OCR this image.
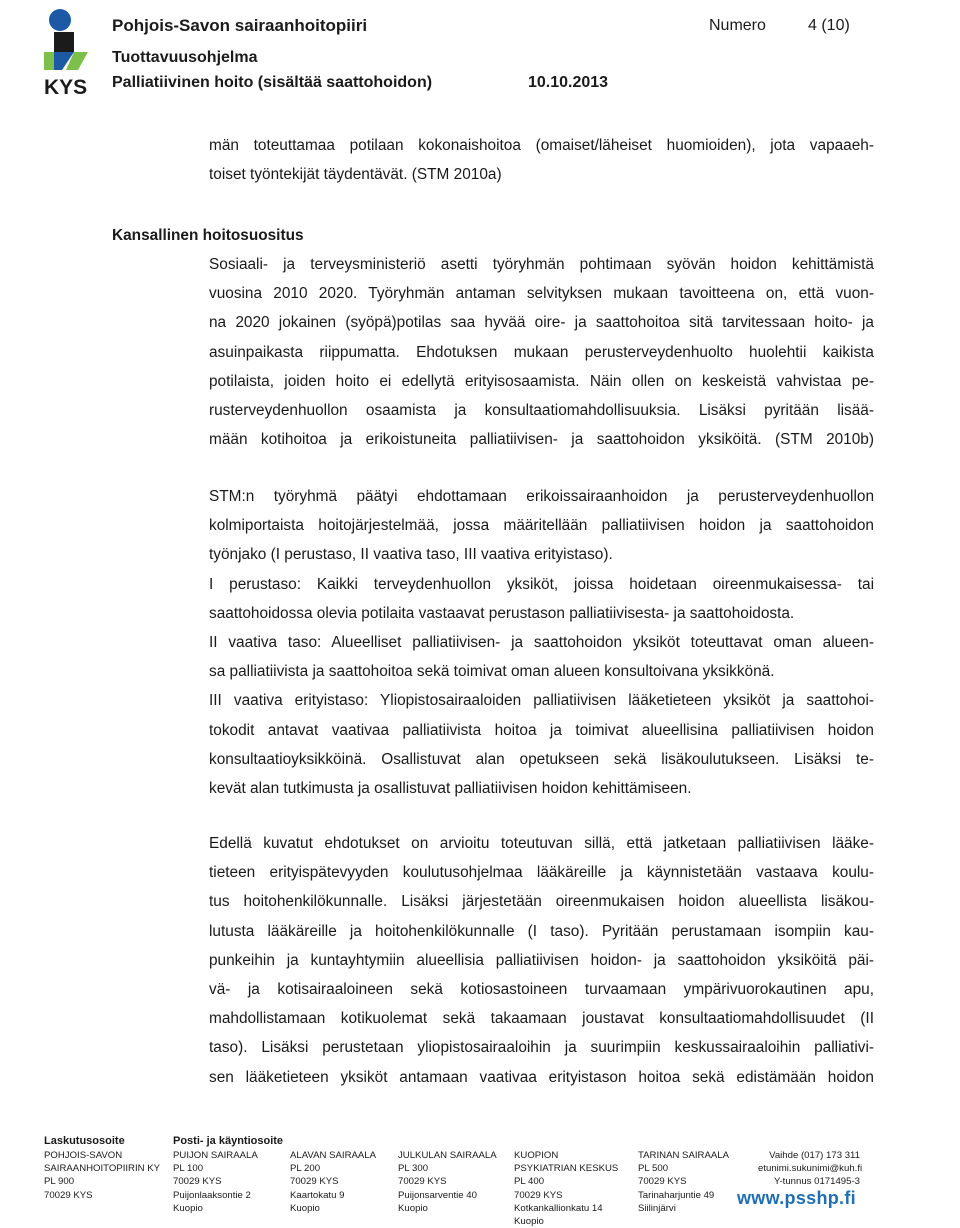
KYS
Pohjois-Savon sairaanhoitopiiri	Numero	4 (10)
Tuottavuusohjelma
Palliatiivinen hoito (sisältää saattohoidon)	10.10.2013

män toteuttamaa potilaan kokonaishoitoa (omaiset/läheiset huomioiden), jota vapaaeh-

toiset työntekijät täydentävät. (STM 2010a)

Kansallinen hoitosuositus

Sosiaali- ja terveysministeriö asetti työryhmän pohtimaan syövän hoidon kehittämistä

vuosina 2010 2020. Työryhmän antaman selvityksen mukaan tavoitteena on, että vuon-

na 2020 jokainen (syöpä)potilas saa hyvää oire- ja saattohoitoa sitä tarvitessaan hoito- ja

asuinpaikasta riippumatta. Ehdotuksen mukaan perusterveydenhuolto huolehtii kaikista

potilaista, joiden hoito ei edellytä erityisosaamista. Näin ollen on keskeistä vahvistaa pe-

rusterveydenhuollon osaamista ja konsultaatiomahdollisuuksia. Lisäksi pyritään lisää-

mään kotihoitoa ja erikoistuneita palliatiivisen- ja saattohoidon yksiköitä. (STM 2010b)

STM:n työryhmä päätyi ehdottamaan erikoissairaanhoidon ja perusterveydenhuollon

kolmiportaista hoitojärjestelmää, jossa määritellään palliatiivisen hoidon ja saattohoidon

työnjako (I perustaso, II vaativa taso, III vaativa erityistaso).

I perustaso: Kaikki terveydenhuollon yksiköt, joissa hoidetaan oireenmukaisessa- tai

saattohoidossa olevia potilaita vastaavat perustason palliatiivisesta- ja saattohoidosta.

II vaativa taso: Alueelliset palliatiivisen- ja saattohoidon yksiköt toteuttavat oman alueen-

sa palliatiivista ja saattohoitoa sekä toimivat oman alueen konsultoivana yksikkönä.

III vaativa erityistaso: Yliopistosairaaloiden palliatiivisen lääketieteen yksiköt ja saattohoi-

tokodit antavat vaativaa palliatiivista hoitoa ja toimivat alueellisina palliatiivisen hoidon

konsultaatioyksikköinä. Osallistuvat alan opetukseen sekä lisäkoulutukseen. Lisäksi te-

kevät alan tutkimusta ja osallistuvat palliatiivisen hoidon kehittämiseen.

Edellä kuvatut ehdotukset on arvioitu toteutuvan sillä, että jatketaan palliatiivisen lääke-

tieteen erityispätevyyden koulutusohjelmaa lääkäreille ja käynnistetään vastaava koulu-

tus hoitohenkilökunnalle. Lisäksi järjestetään oireenmukaisen hoidon alueellista lisäkou-

lutusta lääkäreille ja hoitohenkilökunnalle (I taso). Pyritään perustamaan isompiin kau-

punkeihin ja kuntayhtymiin alueellisia palliatiivisen hoidon- ja saattohoidon yksiköitä päi-

vä- ja kotisairaaloineen sekä kotiosastoineen turvaamaan ympärivuorokautinen apu,

mahdollistamaan kotikuolemat sekä takaamaan joustavat konsultaatiomahdollisuudet (II

taso). Lisäksi perustetaan yliopistosairaaloihin ja suurimpiin keskussairaaloihin palliativi-

sen lääketieteen yksiköt antamaan vaativaa erityistason hoitoa sekä edistämään hoidon

Laskutusosoite
POHJOIS-SAVON
SAIRAANHOITOPIIRIN KY
PL 900
70029 KYS
Posti- ja käyntiosoite
PUIJON SAIRAALA
PL 100
70029 KYS
Puijonlaaksontie 2
Kuopio
ALAVAN SAIRAALA
PL 200
70029 KYS
Kaartokatu 9
Kuopio
JULKULAN SAIRAALA
PL 300
70029 KYS
Puijonsarventie 40
Kuopio
KUOPION
PSYKIATRIAN KESKUS
PL 400
70029 KYS
Kotkankallionkatu 14
Kuopio
TARINAN SAIRAALA
PL 500
70029 KYS
Tarinaharjuntie 49
Siilinjärvi
Vaihde (017) 173 311
etunimi.sukunimi@kuh.fi
Y-tunnus 0171495-3
www.psshp.fi
